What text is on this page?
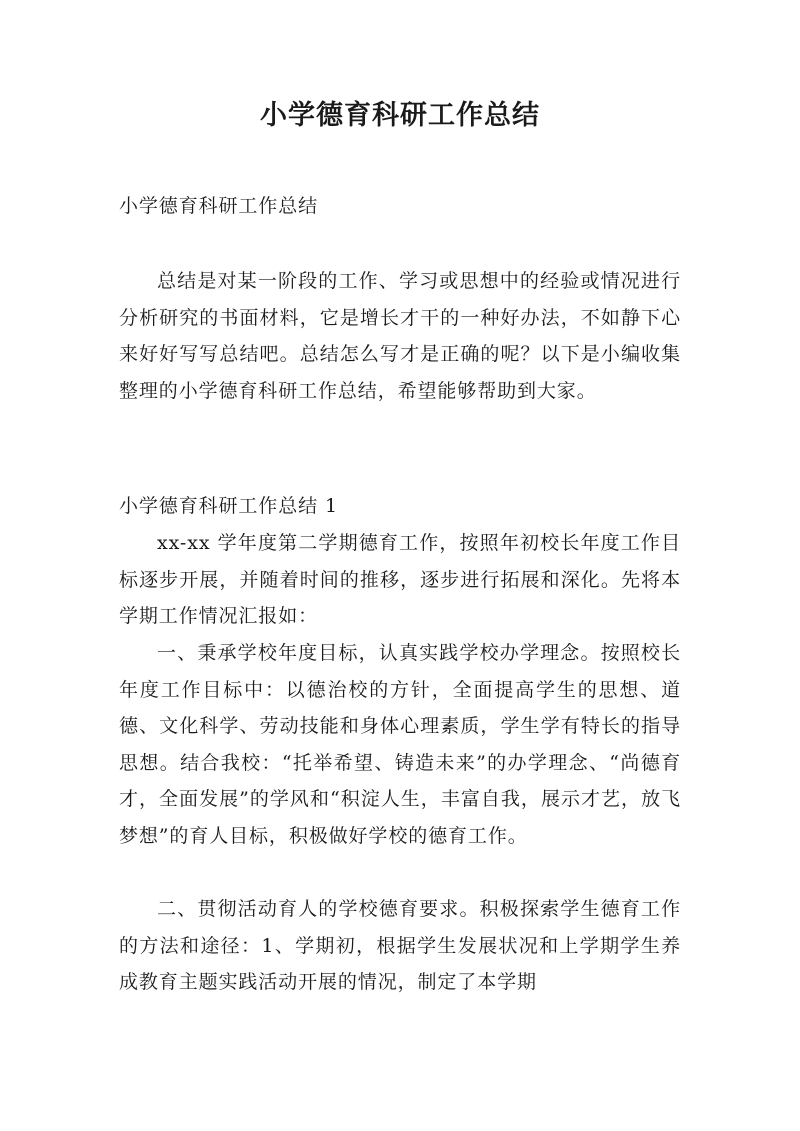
小学德育科研工作总结

小学德育科研工作总结

总结是对某一阶段的工作、学习或思想中的经验或情况进行分析研究的书面材料，它是增长才干的一种好办法，不如静下心来好好写写总结吧。总结怎么写才是正确的呢？以下是小编收集整理的小学德育科研工作总结，希望能够帮助到大家。

小学德育科研工作总结 1

xx-xx 学年度第二学期德育工作，按照年初校长年度工作目标逐步开展，并随着时间的推移，逐步进行拓展和深化。先将本学期工作情况汇报如：

一、秉承学校年度目标，认真实践学校办学理念。按照校长年度工作目标中：以德治校的方针，全面提高学生的思想、道德、文化科学、劳动技能和身体心理素质，学生学有特长的指导思想。结合我校：“托举希望、铸造未来”的办学理念、“尚德育才，全面发展”的学风和“积淀人生，丰富自我，展示才艺，放飞梦想”的育人目标，积极做好学校的德育工作。

二、贯彻活动育人的学校德育要求。积极探索学生德育工作的方法和途径：1、学期初，根据学生发展状况和上学期学生养成教育主题实践活动开展的情况，制定了本学期
